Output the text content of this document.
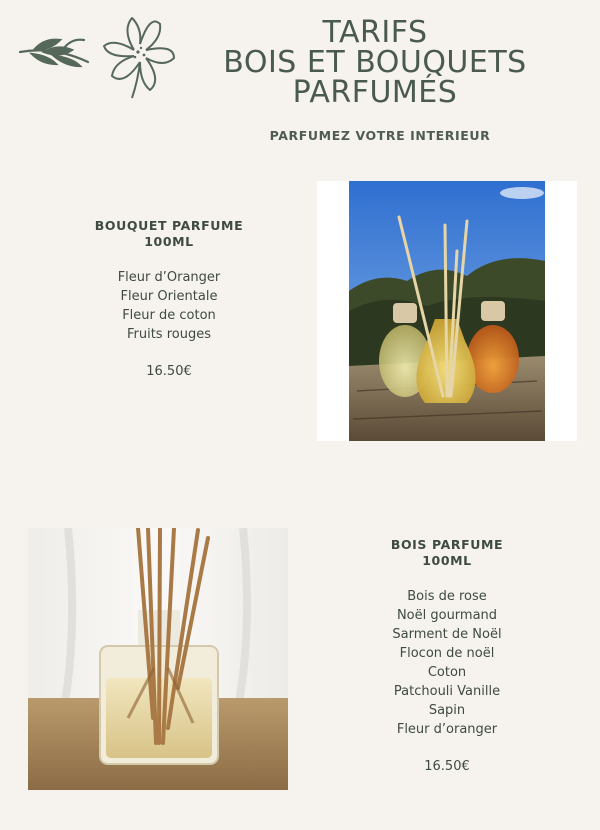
TARIFS
BOIS ET BOUQUETS
PARFUMÉS
PARFUMEZ VOTRE INTERIEUR
BOUQUET PARFUME
100ML
Fleur d’Oranger
Fleur Orientale
Fleur de coton
Fruits rouges
16.50€
BOIS PARFUME
100ML
Bois de rose
Noël gourmand
Sarment de Noël
Flocon de noël
Coton
Patchouli Vanille
Sapin
Fleur d’oranger
16.50€
